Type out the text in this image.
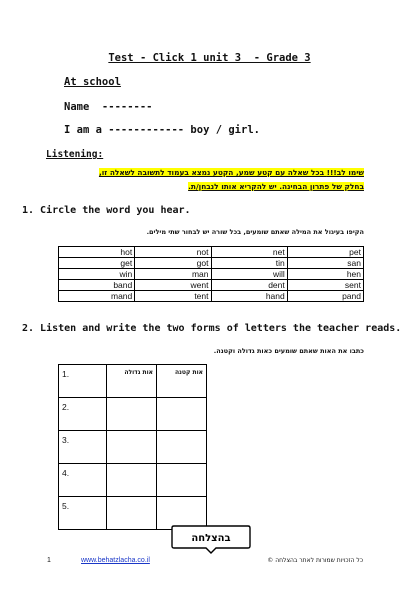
Test - Click 1 unit 3  - Grade 3
At school
Name  --------
I am a ------------ boy / girl.
Listening:
שימו לב!!! בכל שאלה עם קטע שמע, הקטע נמצא בעמוד לתשובה לשאלה זו,
בחלק של פתרון הבחינה. יש להקריא אותו לנבחן/ת.
1. Circle the word you hear.
הקיפו בעיגול את המילה שאתם שומעים, בכל שורה יש לבחור שתי מילים.
hot	not	net	pet
get	got	tin	san
win	man	will	hen
band	went	dent	sent
mand	tent	hand	pand
2. Listen and write the two forms of letters the teacher reads.
כתבו את האות שאתם שומעים כאות גדולה וקטנה.
1.	אות גדולה	אות קטנה
2.		
3.		
4.		
5.		
בהצלחה
1	www.behatzlacha.co.il	כל הזכויות שמורות לאתר בהצלחה ©
